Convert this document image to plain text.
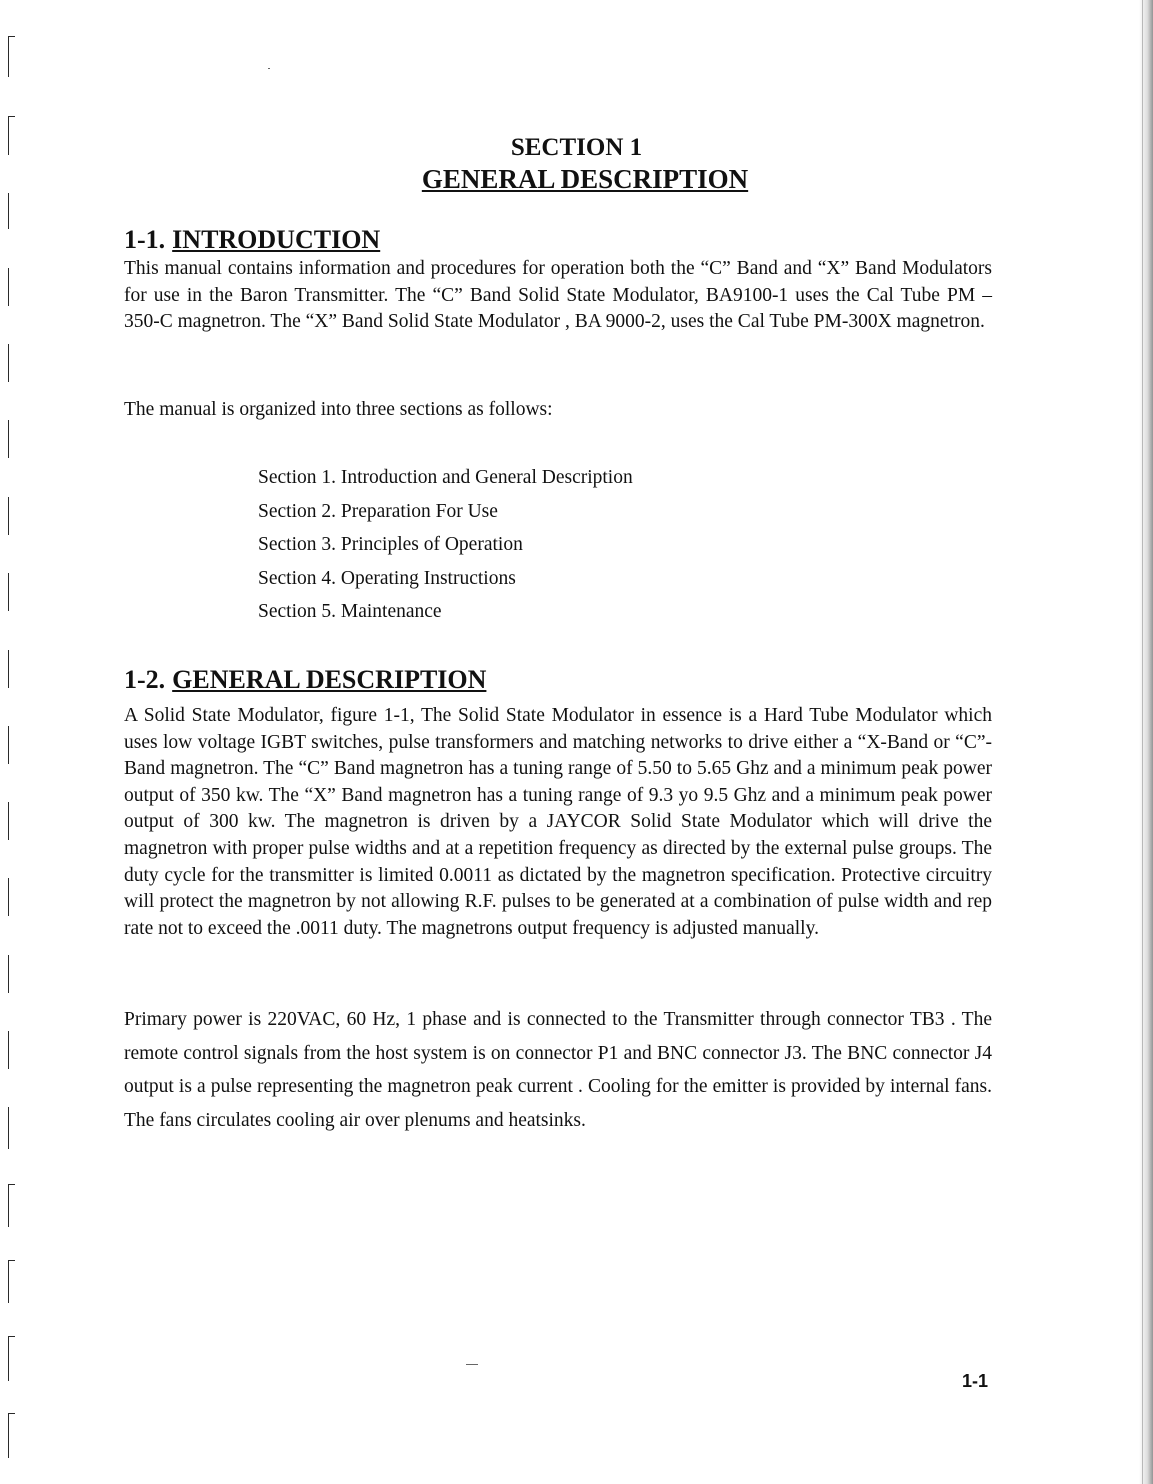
SECTION 1
GENERAL DESCRIPTION
1-1. INTRODUCTION

This manual contains information and procedures for operation both the “C” Band and “X” Band Modulators for use in the Baron Transmitter. The “C” Band Solid State Modulator, BA9100-1 uses the Cal Tube PM – 350-C magnetron. The “X” Band Solid State Modulator , BA 9000-2, uses the Cal Tube PM-300X magnetron.

The manual is organized into three sections as follows:

Section 1. Introduction and General Description
Section 2. Preparation For Use
Section 3. Principles of Operation
Section 4. Operating Instructions
Section 5. Maintenance
1-2. GENERAL DESCRIPTION

A Solid State Modulator, figure 1-1, The Solid State Modulator in essence is a Hard Tube Modulator which uses low voltage IGBT switches, pulse transformers and matching networks to drive either a “X-Band or “C”-Band magnetron. The “C” Band magnetron has a tuning range of 5.50 to 5.65 Ghz and a minimum peak power output of 350 kw. The “X” Band magnetron has a tuning range of 9.3 yo 9.5 Ghz and a minimum peak power output of 300 kw. The magnetron is driven by a JAYCOR Solid State Modulator which will drive the magnetron with proper pulse widths and at a repetition frequency as directed by the external pulse groups. The duty cycle for the transmitter is limited 0.0011 as dictated by the magnetron specification. Protective circuitry will protect the magnetron by not allowing R.F. pulses to be generated at a combination of pulse width and rep rate not to exceed the .0011 duty. The magnetrons output frequency is adjusted manually.

Primary power is 220VAC, 60 Hz, 1 phase and is connected to the Transmitter through connector TB3 . The remote control signals from the host system is on connector P1 and BNC connector J3. The BNC connector J4 output is a pulse representing the magnetron peak current . Cooling for the emitter is provided by internal fans. The fans circulates cooling air over plenums and heatsinks.

1-1
